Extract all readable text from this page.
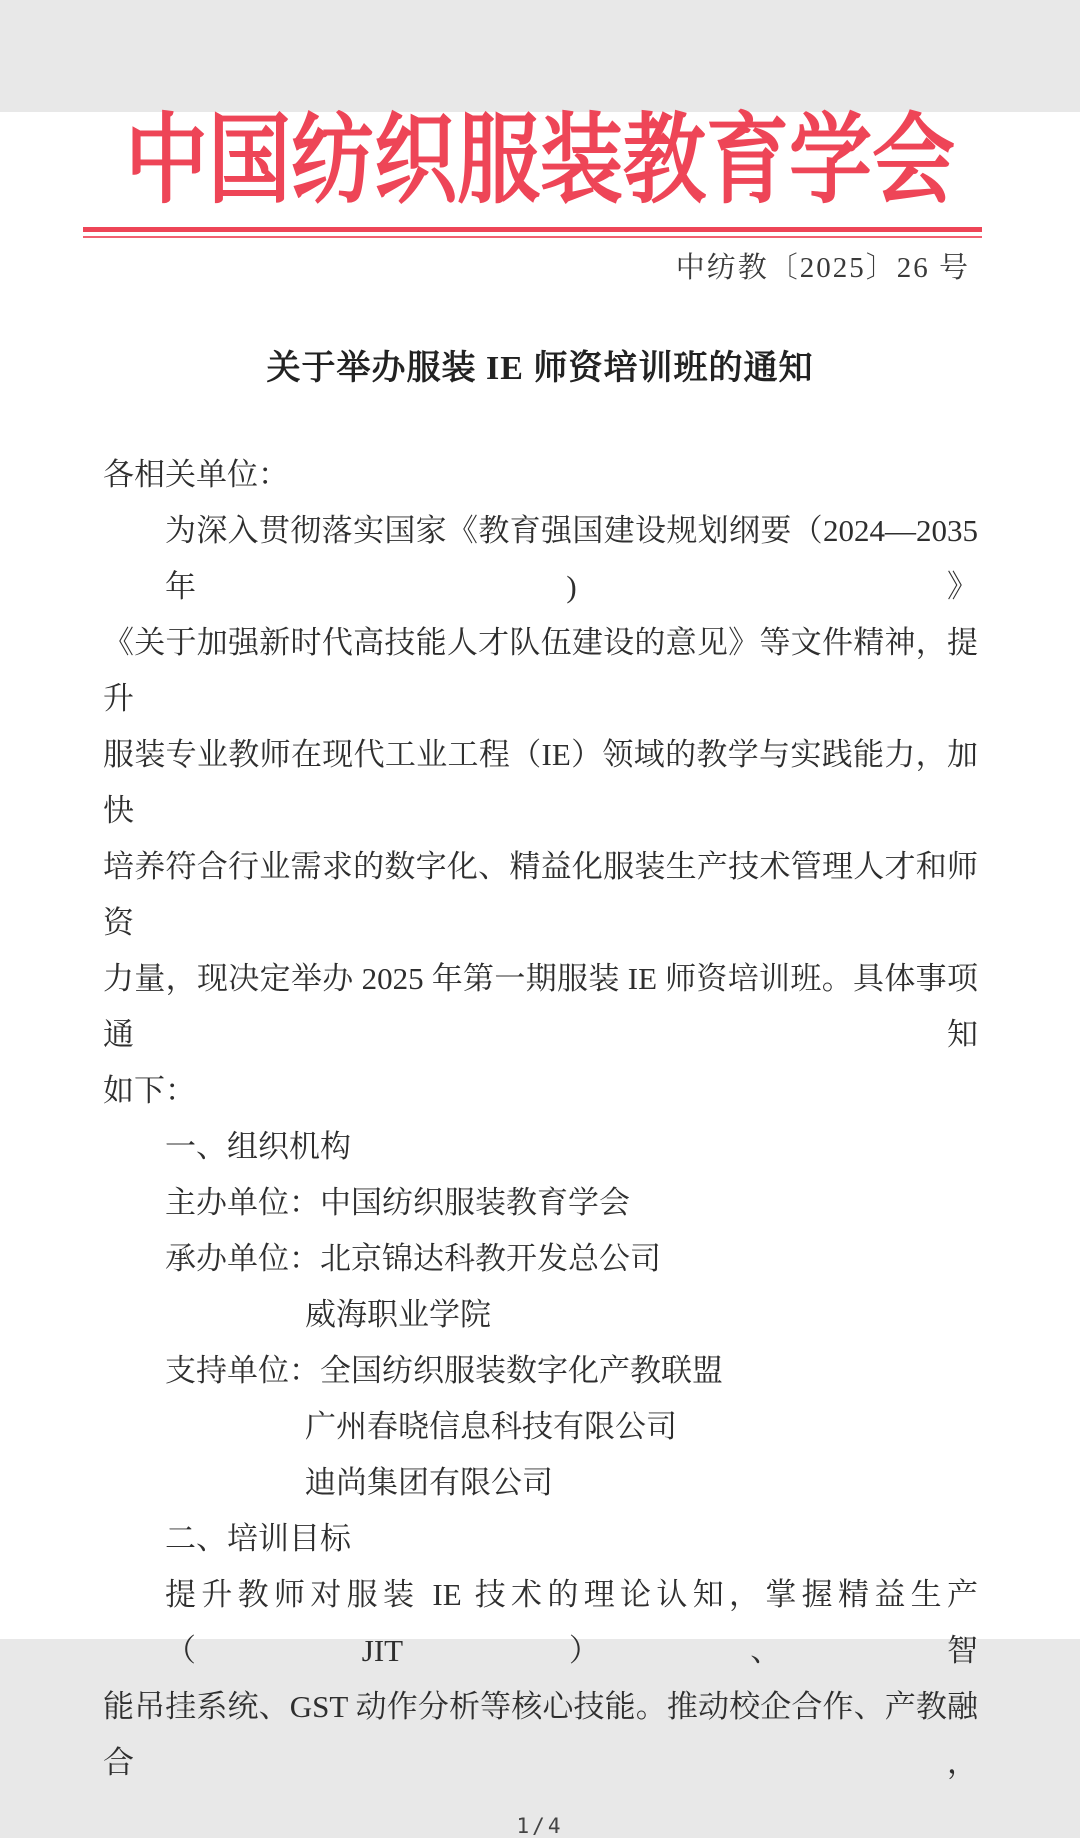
中国纺织服装教育学会
中纺教〔2025〕26 号
关于举办服装 IE 师资培训班的通知
各相关单位：
为深入贯彻落实国家《教育强国建设规划纲要（2024—2035 年)》
《关于加强新时代高技能人才队伍建设的意见》等文件精神，提升
服装专业教师在现代工业工程（IE）领域的教学与实践能力，加快
培养符合行业需求的数字化、精益化服装生产技术管理人才和师资
力量，现决定举办 2025 年第一期服装 IE 师资培训班。具体事项通知
如下：
一、组织机构
主办单位：中国纺织服装教育学会
承办单位：北京锦达科教开发总公司
威海职业学院
支持单位：全国纺织服装数字化产教联盟
广州春晓信息科技有限公司
迪尚集团有限公司
二、培训目标
提升教师对服装 IE 技术的理论认知，掌握精益生产（JIT）、智
能吊挂系统、GST 动作分析等核心技能。推动校企合作、产教融合，
1/4
